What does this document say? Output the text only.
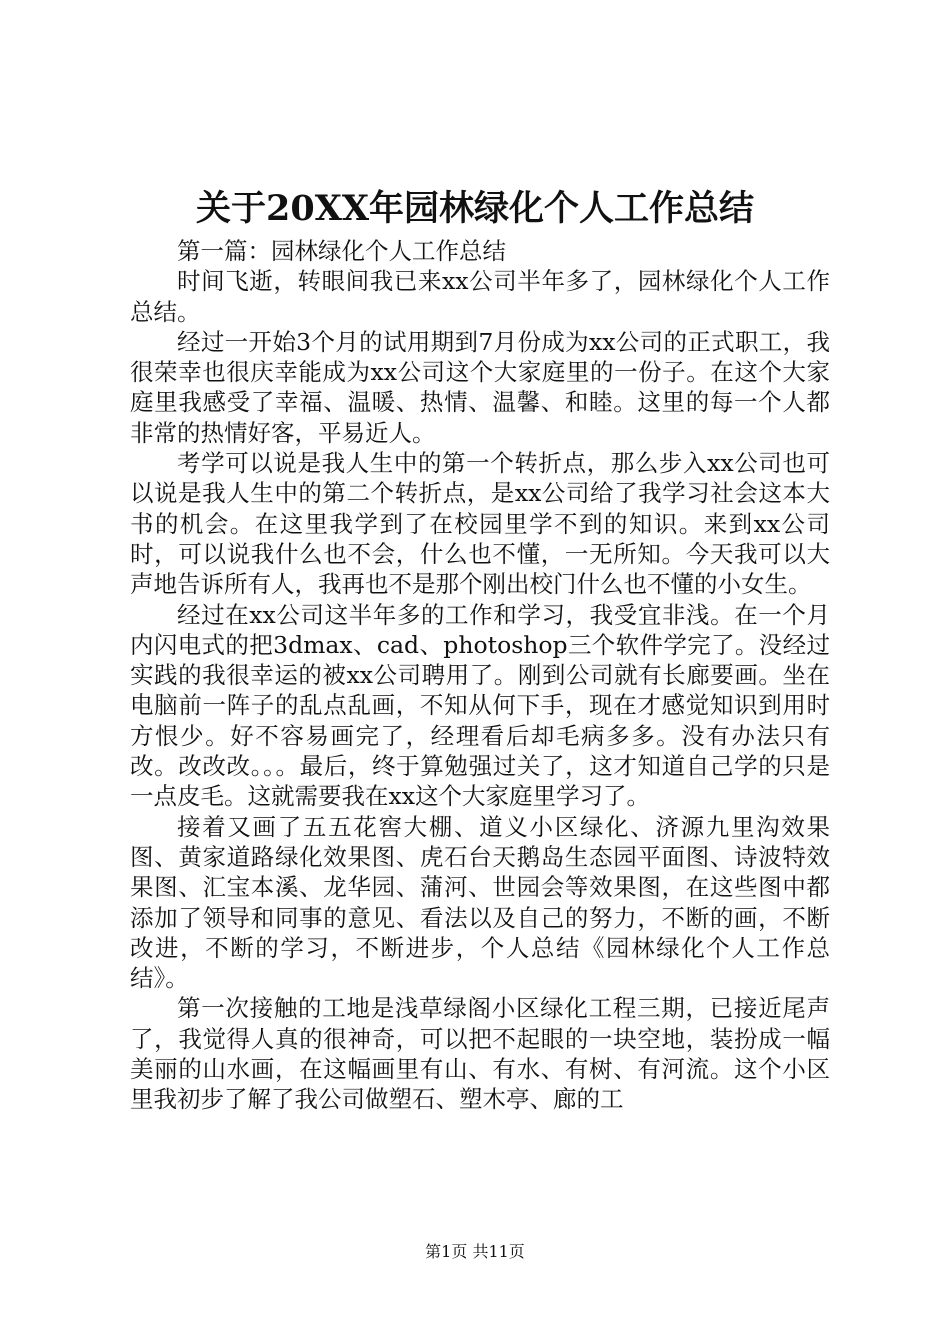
关于20XX年园林绿化个人工作总结

第一篇：园林绿化个人工作总结

时间飞逝，转眼间我已来xx公司半年多了，园林绿化个人工作总结。

经过一开始3个月的试用期到7月份成为xx公司的正式职工，我很荣幸也很庆幸能成为xx公司这个大家庭里的一份子。在这个大家庭里我感受了幸福、温暖、热情、温馨、和睦。这里的每一个人都非常的热情好客，平易近人。

考学可以说是我人生中的第一个转折点，那么步入xx公司也可以说是我人生中的第二个转折点，是xx公司给了我学习社会这本大书的机会。在这里我学到了在校园里学不到的知识。来到xx公司时，可以说我什么也不会，什么也不懂，一无所知。今天我可以大声地告诉所有人，我再也不是那个刚出校门什么也不懂的小女生。

经过在xx公司这半年多的工作和学习，我受宜非浅。在一个月内闪电式的把3dmax、cad、photoshop三个软件学完了。没经过实践的我很幸运的被xx公司聘用了。刚到公司就有长廊要画。坐在电脑前一阵子的乱点乱画，不知从何下手，现在才感觉知识到用时方恨少。好不容易画完了，经理看后却毛病多多。没有办法只有改。改改改。。。最后，终于算勉强过关了，这才知道自己学的只是一点皮毛。这就需要我在xx这个大家庭里学习了。

接着又画了五五花窖大棚、道义小区绿化、济源九里沟效果图、黄家道路绿化效果图、虎石台天鹅岛生态园平面图、诗波特效果图、汇宝本溪、龙华园、蒲河、世园会等效果图，在这些图中都添加了领导和同事的意见、看法以及自己的努力，不断的画，不断改进，不断的学习，不断进步，个人总结《园林绿化个人工作总结》。

第一次接触的工地是浅草绿阁小区绿化工程三期，已接近尾声了，我觉得人真的很神奇，可以把不起眼的一块空地，装扮成一幅美丽的山水画，在这幅画里有山、有水、有树、有河流。这个小区里我初步了解了我公司做塑石、塑木亭、廊的工

第1页 共11页
